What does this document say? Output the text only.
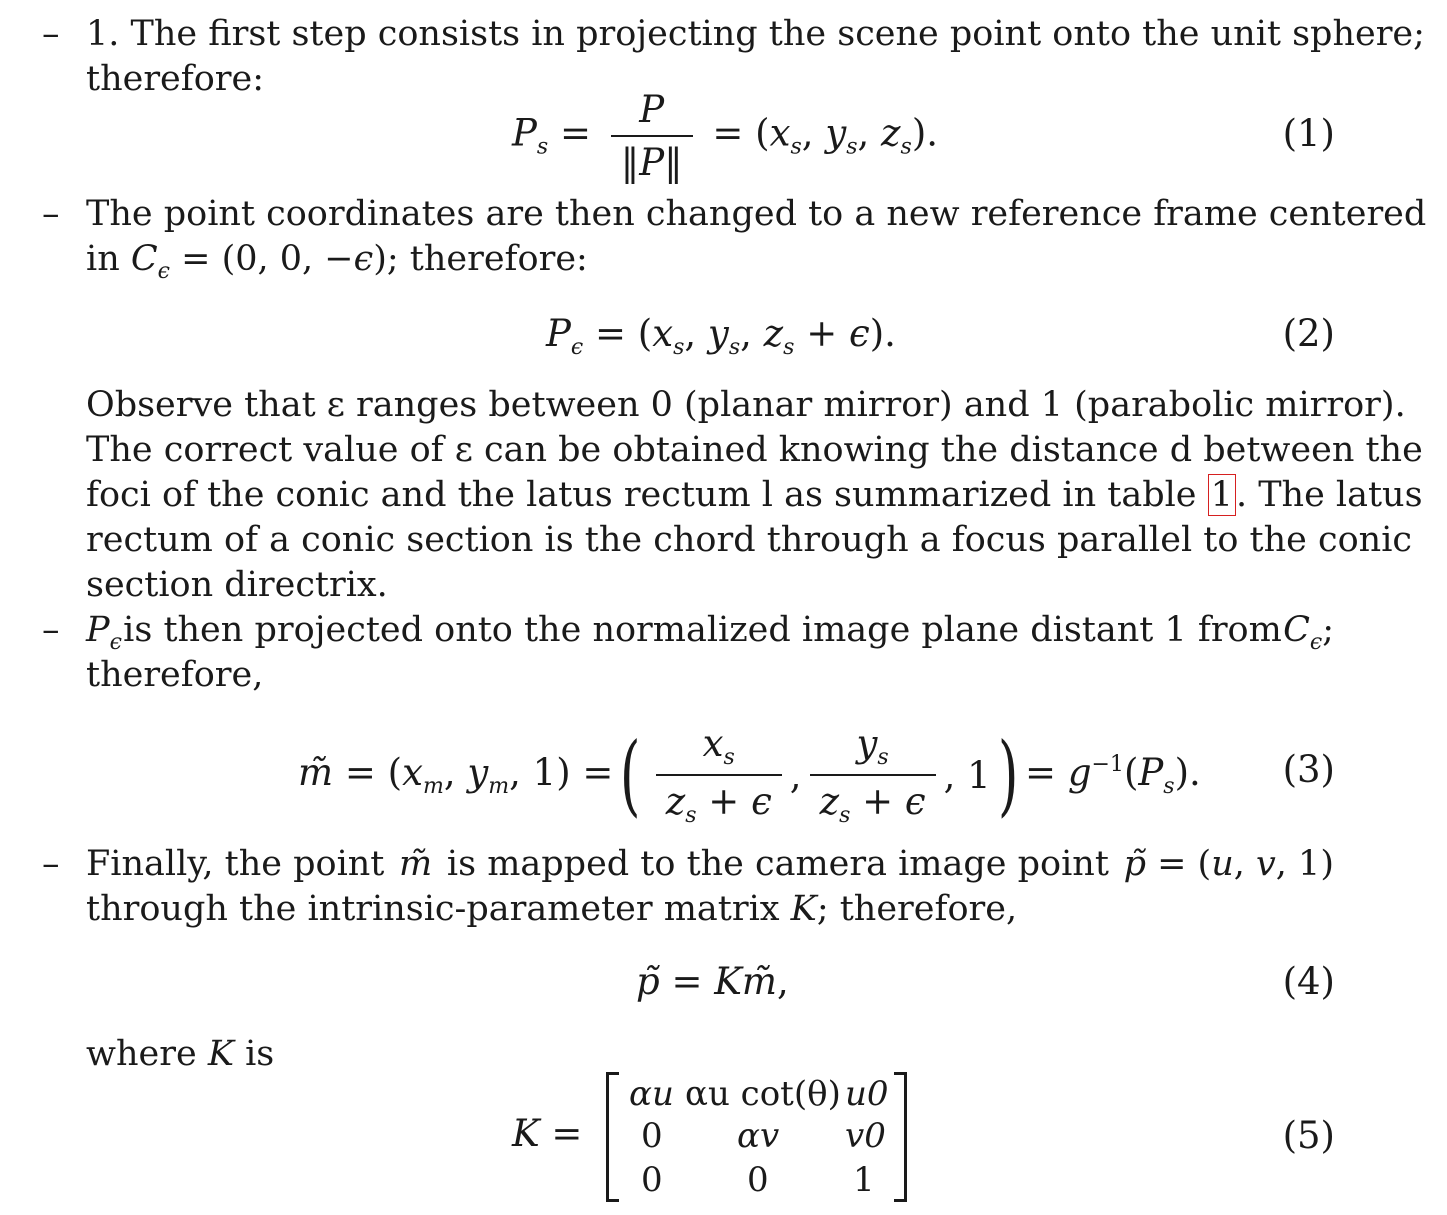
– 1. The first step consists in projecting the scene point onto the unit sphere;
therefore:
$P_s = \frac{P}{‖P‖} = (x_s$, $y_s$, $z_s$).	(1)
– The point coordinates are then changed to a new reference frame centered
in $C_\epsilon = (0$, 0, −ϵ); therefore:
$P_\epsilon = (x_s$, $y_s$, $z_s + \epsilon$).	(2)
Observe that ε ranges between 0 (planar mirror) and 1 (parabolic mirror).
The correct value of ε can be obtained knowing the distance d between the
foci of the conic and the latus rectum l as summarized in table 1. The latus
rectum of a conic section is the chord through a focus parallel to the conic
section directrix.
– $P_\epsilon$ is then projected onto the normalized image plane distant 1 from $C_\epsilon$;
therefore,
m̃ = ($x_m$, $y_m$, 1) = ( $\frac{x_s}{z_s + \epsilon}$ , $\frac{y_s}{z_s + \epsilon}$ , 1 ) = $g^{-1}(P_s)$. (3)
– Finally, the point m̃ is mapped to the camera image point p̃ = (u, v, 1)
through the intrinsic-parameter matrix K; therefore,
p̃ = Km̃,	(4)
where K is
K =
αu αu cot(θ) u0
0 αv v0
0 0 1
(5)
